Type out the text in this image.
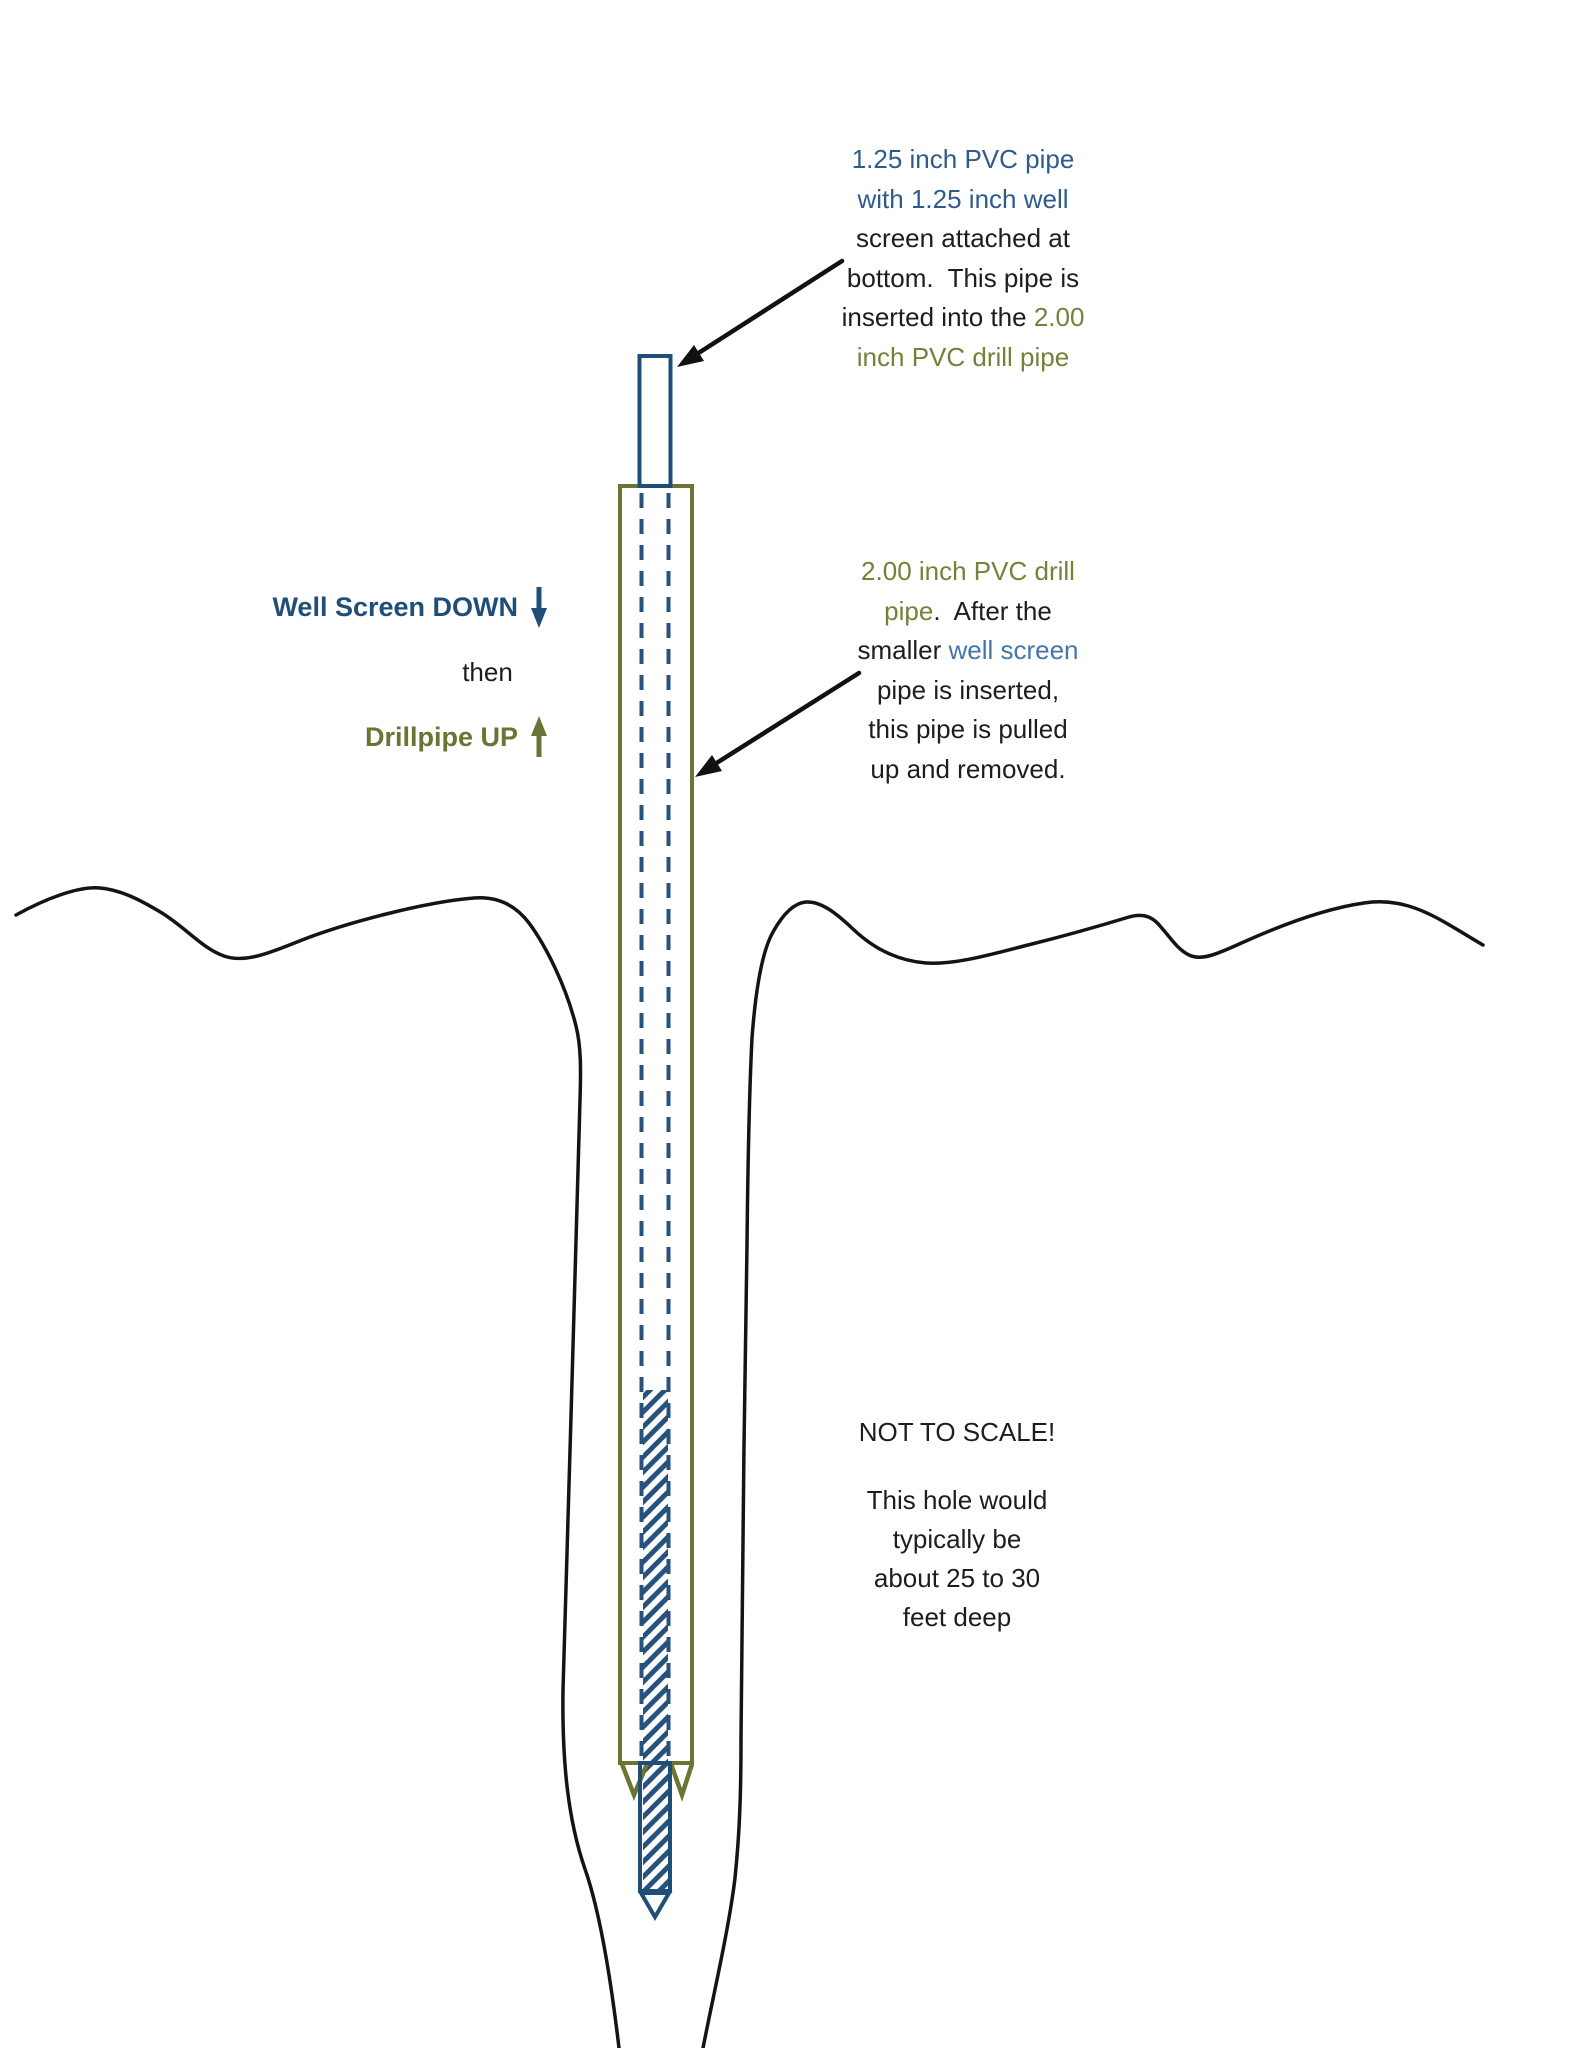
1.25 inch PVC pipe
with 1.25 inch well
screen attached at
bottom.  This pipe is
inserted into the 2.00
inch PVC drill pipe
2.00 inch PVC drill
pipe.  After the
smaller well screen
pipe is inserted,
this pipe is pulled
up and removed.
Well Screen DOWN
then
Drillpipe UP
NOT TO SCALE!
This hole would
typically be
about 25 to 30
feet deep
